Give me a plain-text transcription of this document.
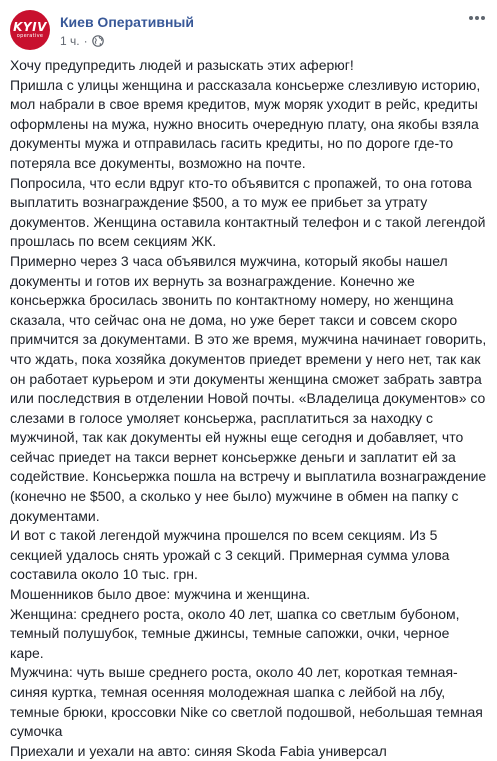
KYIV
operative
Киев Оперативный
1 ч. ·

Хочу предупредить людей и разыскать этих аферюг!

Пришла с улицы женщина и рассказала консьерже слезливую историю, мол набрали в свое время кредитов, муж моряк уходит в рейс, кредиты оформлены на мужа, нужно вносить очередную плату, она якобы взяла документы мужа и отправилась гасить кредиты, но по дороге где-то потеряла все документы, возможно на почте.

Попросила, что если вдруг кто-то объявится с пропажей, то она готова выплатить вознаграждение $500, а то муж ее прибьет за утрату документов. Женщина оставила контактный телефон и с такой легендой прошлась по всем секциям ЖК.

Примерно через 3 часа объявился мужчина, который якобы нашел документы и готов их вернуть за вознаграждение. Конечно же консьержка бросилась звонить по контактному номеру, но женщина сказала, что сейчас она не дома, но уже берет такси и совсем скоро примчится за документами. В это же время, мужчина начинает говорить, что ждать, пока хозяйка документов приедет времени у него нет, так как он работает курьером и эти документы женщина сможет забрать завтра или последствия в отделении Новой почты. «Владелица документов» со слезами в голосе умоляет консьержа, расплатиться за находку с мужчиной, так как документы ей нужны еще сегодня и добавляет, что сейчас приедет на такси вернет консьержке деньги и заплатит ей за содействие. Консьержка пошла на встречу и выплатила вознаграждение (конечно не $500, а сколько у нее было) мужчине в обмен на папку с документами.

И вот с такой легендой мужчина прошелся по всем секциям. Из 5 секцией удалось снять урожай с 3 секций. Примерная сумма улова составила около 10 тыс. грн.

Мошенников было двое: мужчина и женщина.

Женщина: среднего роста, около 40 лет, шапка со светлым бубоном, темный полушубок, темные джинсы, темные сапожки, очки, черное каре.

Мужчина: чуть выше среднего роста, около 40 лет, короткая темная-синяя куртка, темная осенняя молодежная шапка с лейбой на лбу, темные брюки, кроссовки Nike со светлой подошвой, небольшая темная сумочка

Приехали и уехали на авто: синяя Skoda Fabia универсал
